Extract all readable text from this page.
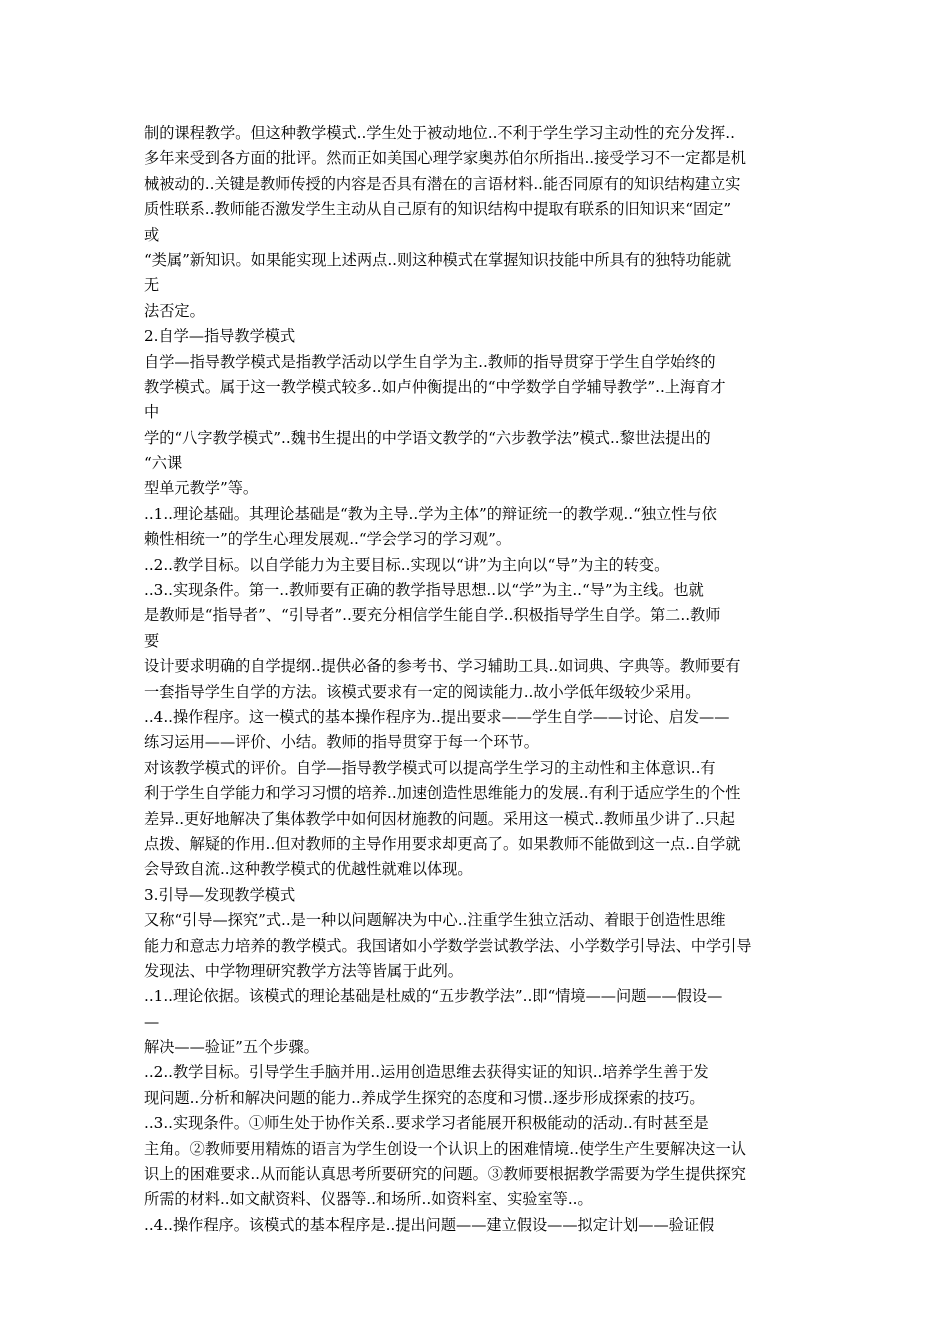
制的课程教学。但这种教学模式..学生处于被动地位..不利于学生学习主动性的充分发挥..
多年来受到各方面的批评。然而正如美国心理学家奥苏伯尔所指出..接受学习不一定都是机
械被动的..关键是教师传授的内容是否具有潜在的言语材料..能否同原有的知识结构建立实
质性联系..教师能否激发学生主动从自己原有的知识结构中提取有联系的旧知识来“固定”
或
“类属”新知识。如果能实现上述两点..则这种模式在掌握知识技能中所具有的独特功能就
无
法否定。
2.自学—指导教学模式
自学—指导教学模式是指教学活动以学生自学为主..教师的指导贯穿于学生自学始终的
教学模式。属于这一教学模式较多..如卢仲衡提出的“中学数学自学辅导教学”..上海育才
中
学的“八字教学模式”..魏书生提出的中学语文教学的“六步教学法”模式..黎世法提出的
“六课
型单元教学”等。
..1..理论基础。其理论基础是“教为主导..学为主体”的辩证统一的教学观..“独立性与依
赖性相统一”的学生心理发展观..“学会学习的学习观”。
..2..教学目标。以自学能力为主要目标..实现以“讲”为主向以“导”为主的转变。
..3..实现条件。第一..教师要有正确的教学指导思想..以“学”为主..“导”为主线。也就
是教师是“指导者”、“引导者”..要充分相信学生能自学..积极指导学生自学。第二..教师
要
设计要求明确的自学提纲..提供必备的参考书、学习辅助工具..如词典、字典等。教师要有
一套指导学生自学的方法。该模式要求有一定的阅读能力..故小学低年级较少采用。
..4..操作程序。这一模式的基本操作程序为..提出要求——学生自学——讨论、启发——
练习运用——评价、小结。教师的指导贯穿于每一个环节。
对该教学模式的评价。自学—指导教学模式可以提高学生学习的主动性和主体意识..有
利于学生自学能力和学习习惯的培养..加速创造性思维能力的发展..有利于适应学生的个性
差异..更好地解决了集体教学中如何因材施教的问题。采用这一模式..教师虽少讲了..只起
点拨、解疑的作用..但对教师的主导作用要求却更高了。如果教师不能做到这一点..自学就
会导致自流..这种教学模式的优越性就难以体现。
3.引导—发现教学模式
又称“引导—探究”式..是一种以问题解决为中心..注重学生独立活动、着眼于创造性思维
能力和意志力培养的教学模式。我国诸如小学数学尝试教学法、小学数学引导法、中学引导
发现法、中学物理研究教学方法等皆属于此列。
..1..理论依据。该模式的理论基础是杜威的“五步教学法”..即“情境——问题——假设—
—
解决——验证”五个步骤。
..2..教学目标。引导学生手脑并用..运用创造思维去获得实证的知识..培养学生善于发
现问题..分析和解决问题的能力..养成学生探究的态度和习惯..逐步形成探索的技巧。
..3..实现条件。①师生处于协作关系..要求学习者能展开积极能动的活动..有时甚至是
主角。②教师要用精炼的语言为学生创设一个认识上的困难情境..使学生产生要解决这一认
识上的困难要求..从而能认真思考所要研究的问题。③教师要根据教学需要为学生提供探究
所需的材料..如文献资料、仪器等..和场所..如资料室、实验室等..。
..4..操作程序。该模式的基本程序是..提出问题——建立假设——拟定计划——验证假
